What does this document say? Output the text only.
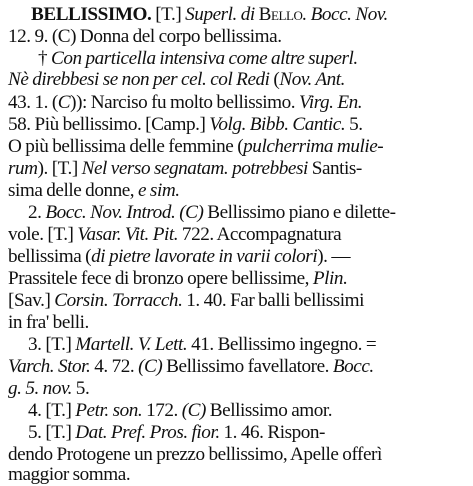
BELLISSIMO. [T.] Superl. di Bello. Bocc. Nov.
12. 9. (C) Donna del corpo bellissima.
† Con particella intensiva come altre superl.
Nè direbbesi se non per cel. col Redi (Nov. Ant.
43. 1. (C)): Narciso fu molto bellissimo. Virg. En.
58. Più bellissimo. [Camp.] Volg. Bibb. Cantic. 5.
O più bellissima delle femmine (pulcherrima mulie-
rum). [T.] Nel verso segnatam. potrebbesi Santis-
sima delle donne, e sim.
2. Bocc. Nov. Introd. (C) Bellissimo piano e dilette-
vole. [T.] Vasar. Vit. Pit. 722. Accompagnatura
bellissima (di pietre lavorate in varii colori). —
Prassitele fece di bronzo opere bellissime, Plin.
[Sav.] Corsin. Torracch. 1. 40. Far balli bellissimi
in fra' belli.
3. [T.] Martell. V. Lett. 41. Bellissimo ingegno. =
Varch. Stor. 4. 72. (C) Bellissimo favellatore. Bocc.
g. 5. nov. 5.
4. [T.] Petr. son. 172. (C) Bellissimo amor.
5. [T.] Dat. Pref. Pros. fior. 1. 46. Rispon-
dendo Protogene un prezzo bellissimo, Apelle offerì
maggior somma.
